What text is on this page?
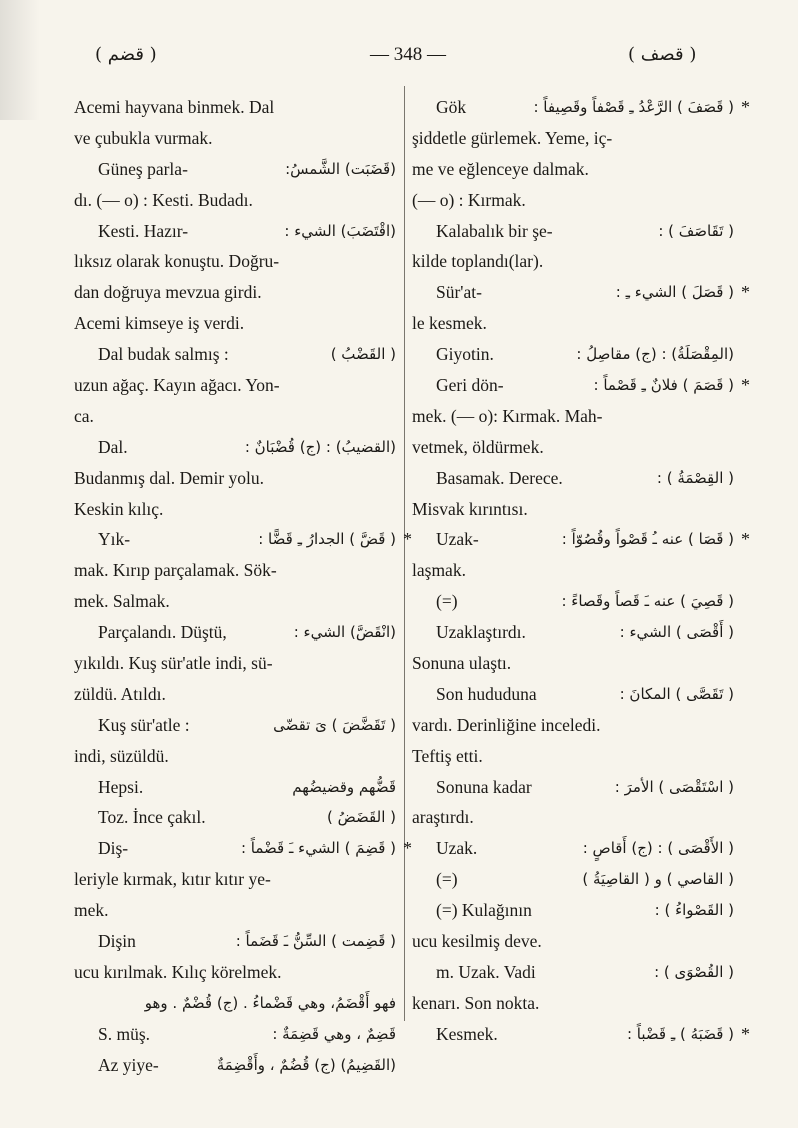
( قضم )	— 348 —	( قصف )
Acemi hayvana binmek. Dal
ve çubukla vurmak.
Güneş parla-	(قَضَبَت) الشَّمسُ:
dı. (— o) : Kesti. Budadı.
Kesti. Hazır-	(اقْتَضَبَ) الشيء :
lıksız olarak konuştu. Doğru-
dan doğruya mevzua girdi.
Acemi kimseye iş verdi.
Dal budak salmış :	( القَضْبُ )
uzun ağaç. Kayın ağacı. Yon-
ca.
Dal.	(القضيبُ) : (ج) قُضْبَانٌ :
Budanmış dal. Demir yolu.
Keskin kılıç.
Yık-	( قَضَّ ) الجدارُ ـِ قَضًّا : *
mak. Kırıp parçalamak. Sök-
mek. Salmak.
Parçalandı. Düştü,	(انْقَضَّ) الشيء :
yıkıldı. Kuş sür'atle indi, sü-
züldü. Atıldı.
Kuş sür'atle :	( تَقَضَّضَ ) ىَ تقضّى
indi, süzüldü.
Hepsi.	قَضُّهم وقضيضُهم
Toz. İnce çakıl.	( القَضَضُ )
Diş-	( قَضِمَ ) الشيء ـَ قَضْماً : *
leriyle kırmak, kıtır kıtır ye-
mek.
Dişin	( قَضِمت ) السِّنُّ ـَ قَضَماً :
ucu kırılmak. Kılıç körelmek.
فهو أَقْضَمُ، وهي قَضْماءُ . (ج) قُضْمٌ . وهو
S. müş.	قَضِمٌ ، وهي قَضِمَةٌ :
Az yiye-	(القَضِيمُ) (ج) قُضُمٌ ، وأَقْضِمَةٌ
Gök	( قَصَفَ ) الرَّعْدُ ـِ قَصْفاً وقَصِيفاً : *
şiddetle gürlemek. Yeme, iç-
me ve eğlenceye dalmak.
(— o) : Kırmak.
Kalabalık bir şe-	( تَقَاصَفَ ) :
kilde toplandı(lar).
Sür'at-	( قَصَلَ ) الشيء ـِ : *
le kesmek.
Giyotin.	(المِقْصَلَةُ) : (ج) مقاصِلُ :
Geri dön-	( قَصَمَ ) فلانٌ ـِ قَصْماً : *
mek. (— o): Kırmak. Mah-
vetmek, öldürmek.
Basamak. Derece.	( القِصْمَةُ ) :
Misvak kırıntısı.
Uzak-	( قَصَا ) عنه ـُ قَصْواً وقُصُوّاً : *
laşmak.
(=)	( قَصِيَ ) عنه ـَ قَصاً وقَصاءً :
Uzaklaştırdı.	( أَقْصَى ) الشيء :
Sonuna ulaştı.
Son hududuna	( تَقَصَّى ) المكانَ :
vardı. Derinliğine inceledi.
Teftiş etti.
Sonuna kadar	( اسْتَقْصَى ) الأمرَ :
araştırdı.
Uzak.	( الأَقْصَى ) : (ج) أَقاصٍ :
(=)	( القاصي ) و ( القاصِيَةُ )
(=) Kulağının	( القَصْواءُ ) :
ucu kesilmiş deve.
m. Uzak. Vadi	( القُصْوَى ) :
kenarı. Son nokta.
Kesmek.	( قَضَبَهُ ) ـِ قَضْباً : *
